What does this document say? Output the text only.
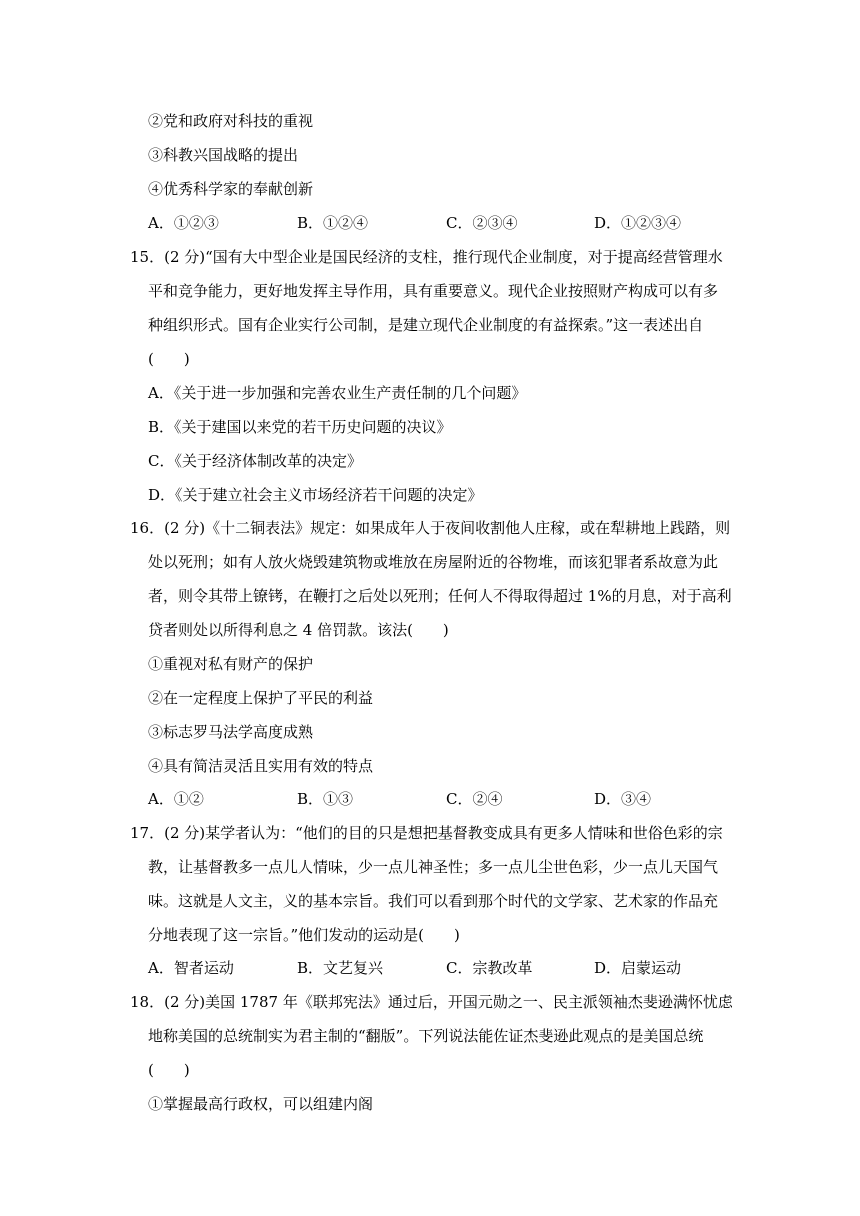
②党和政府对科技的重视
③科教兴国战略的提出
④优秀科学家的奉献创新
A．①②③	B．①②④	C．②③④	D．①②③④
15．(2 分)“国有大中型企业是国民经济的支柱，推行现代企业制度，对于提高经营管理水
平和竞争能力，更好地发挥主导作用，具有重要意义。现代企业按照财产构成可以有多
种组织形式。国有企业实行公司制，是建立现代企业制度的有益探索。”这一表述出自
(　　)
A．《关于进一步加强和完善农业生产责任制的几个问题》
B．《关于建国以来党的若干历史问题的决议》
C．《关于经济体制改革的决定》
D．《关于建立社会主义市场经济若干问题的决定》
16．(2 分)《十二铜表法》规定：如果成年人于夜间收割他人庄稼，或在犁耕地上践踏，则
处以死刑；如有人放火烧毁建筑物或堆放在房屋附近的谷物堆，而该犯罪者系故意为此
者，则令其带上镣铐，在鞭打之后处以死刑；任何人不得取得超过 1%的月息，对于高利
贷者则处以所得利息之 4 倍罚款。该法(　　)
①重视对私有财产的保护
②在一定程度上保护了平民的利益
③标志罗马法学高度成熟
④具有简洁灵活且实用有效的特点
A．①②	B．①③	C．②④	D．③④
17．(2 分)某学者认为：“他们的目的只是想把基督教变成具有更多人情味和世俗色彩的宗
教，让基督教多一点儿人情味，少一点儿神圣性；多一点儿尘世色彩，少一点儿天国气
味。这就是人文主，义的基本宗旨。我们可以看到那个时代的文学家、艺术家的作品充
分地表现了这一宗旨。”他们发动的运动是(　　)
A．智者运动	B．文艺复兴	C．宗教改革	D．启蒙运动
18．(2 分)美国 1787 年《联邦宪法》通过后，开国元勋之一、民主派领袖杰斐逊满怀忧虑
地称美国的总统制实为君主制的“翻版”。下列说法能佐证杰斐逊此观点的是美国总统
(　　)
①掌握最高行政权，可以组建内阁
